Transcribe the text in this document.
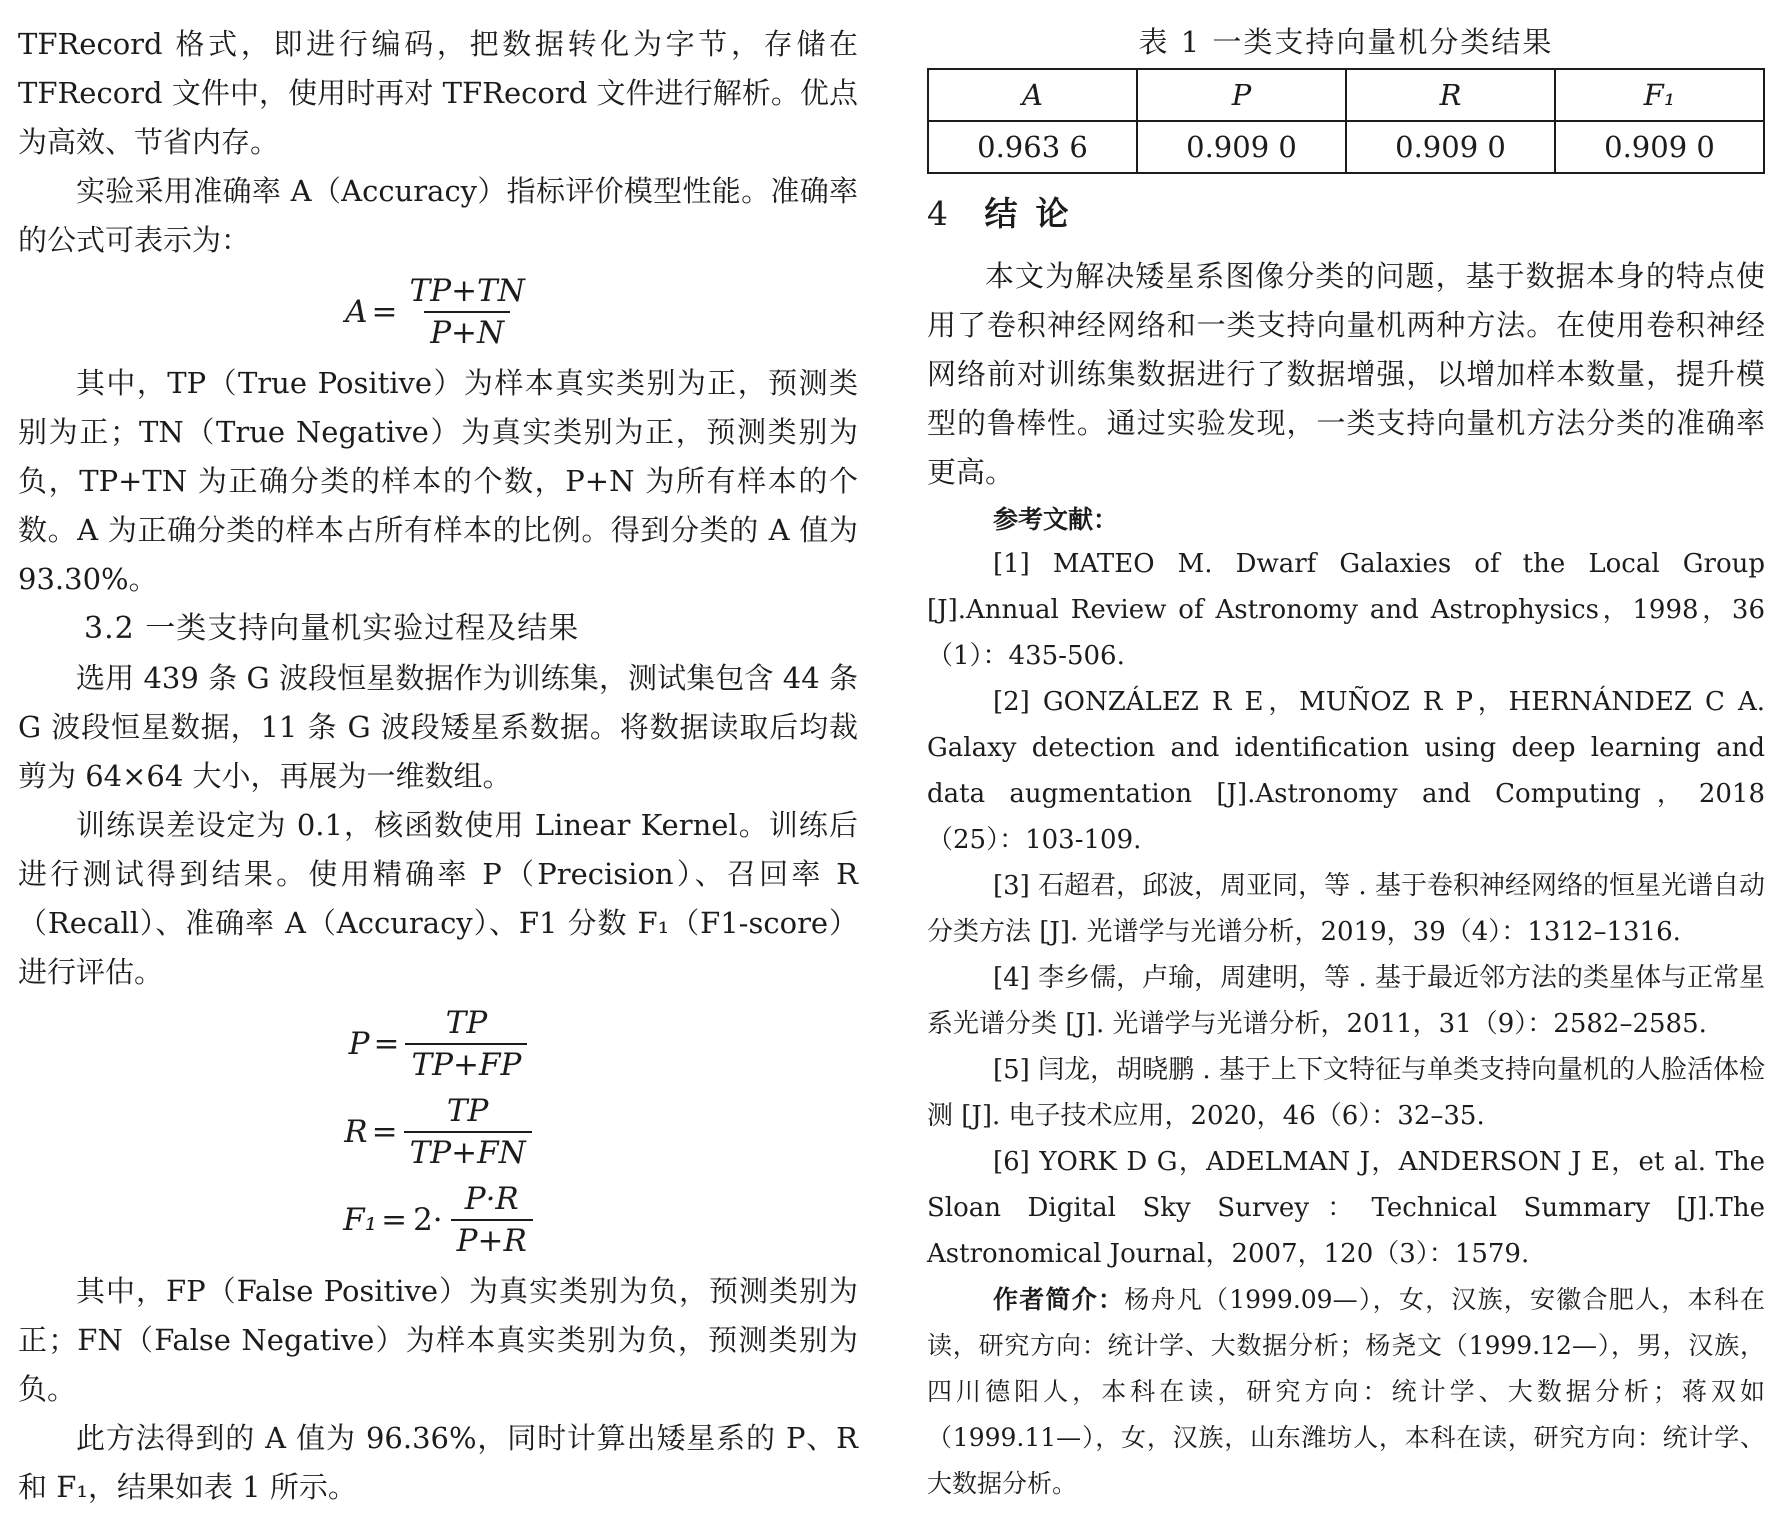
TFRecord 格式，即进行编码，把数据转化为字节，存储在 TFRecord 文件中，使用时再对 TFRecord 文件进行解析。优点为高效、节省内存。

实验采用准确率 A（Accuracy）指标评价模型性能。准确率的公式可表示为：

$A = \frac{TP+TN}{P+N}$

其中，TP（True Positive）为样本真实类别为正，预测类别为正；TN（True Negative）为真实类别为正，预测类别为负，TP+TN 为正确分类的样本的个数，P+N 为所有样本的个数。A 为正确分类的样本占所有样本的比例。得到分类的 A 值为 93.30%。

3.2 一类支持向量机实验过程及结果

选用 439 条 G 波段恒星数据作为训练集，测试集包含 44 条 G 波段恒星数据，11 条 G 波段矮星系数据。将数据读取后均裁剪为 64×64 大小，再展为一维数组。

训练误差设定为 0.1，核函数使用 Linear Kernel。训练后进行测试得到结果。使用精确率 P（Precision）、召回率 R（Recall）、准确率 A（Accuracy）、F1 分数 F₁（F1-score）进行评估。

$P = \frac{TP}{TP+FP}$
$R = \frac{TP}{TP+FN}$
$F_1 = 2\cdot \frac{P\cdot R}{P+R}$

其中，FP（False Positive）为真实类别为负，预测类别为正；FN（False Negative）为样本真实类别为负，预测类别为负。

此方法得到的 A 值为 96.36%，同时计算出矮星系的 P、R 和 F₁，结果如表 1 所示。

表 1 一类支持向量机分类结果
A	P	R	F₁
0.963 6	0.909 0	0.909 0	0.909 0
4 结论

本文为解决矮星系图像分类的问题，基于数据本身的特点使用了卷积神经网络和一类支持向量机两种方法。在使用卷积神经网络前对训练集数据进行了数据增强，以增加样本数量，提升模型的鲁棒性。通过实验发现，一类支持向量机方法分类的准确率更高。

参考文献：

[1] MATEO M. Dwarf Galaxies of the Local Group [J].Annual Review of Astronomy and Astrophysics，1998，36（1）：435-506.

[2] GONZÁLEZ R E，MUÑOZ R P，HERNÁNDEZ C A. Galaxy detection and identification using deep learning and data augmentation [J].Astronomy and Computing，2018（25）：103-109.

[3] 石超君，邱波，周亚同，等 . 基于卷积神经网络的恒星光谱自动分类方法 [J]. 光谱学与光谱分析，2019，39（4）：1312–1316.

[4] 李乡儒，卢瑜，周建明，等 . 基于最近邻方法的类星体与正常星系光谱分类 [J]. 光谱学与光谱分析，2011，31（9）：2582–2585.

[5] 闫龙，胡晓鹏 . 基于上下文特征与单类支持向量机的人脸活体检测 [J]. 电子技术应用，2020，46（6）：32–35.

[6] YORK D G，ADELMAN J，ANDERSON J E，et al. The Sloan Digital Sky Survey：Technical Summary [J].The Astronomical Journal，2007，120（3）：1579.

作者简介：杨舟凡（1999.09—），女，汉族，安徽合肥人，本科在读，研究方向：统计学、大数据分析；杨尧文（1999.12—），男，汉族，四川德阳人，本科在读，研究方向：统计学、大数据分析；蒋双如（1999.11—），女，汉族，山东潍坊人，本科在读，研究方向：统计学、大数据分析。
